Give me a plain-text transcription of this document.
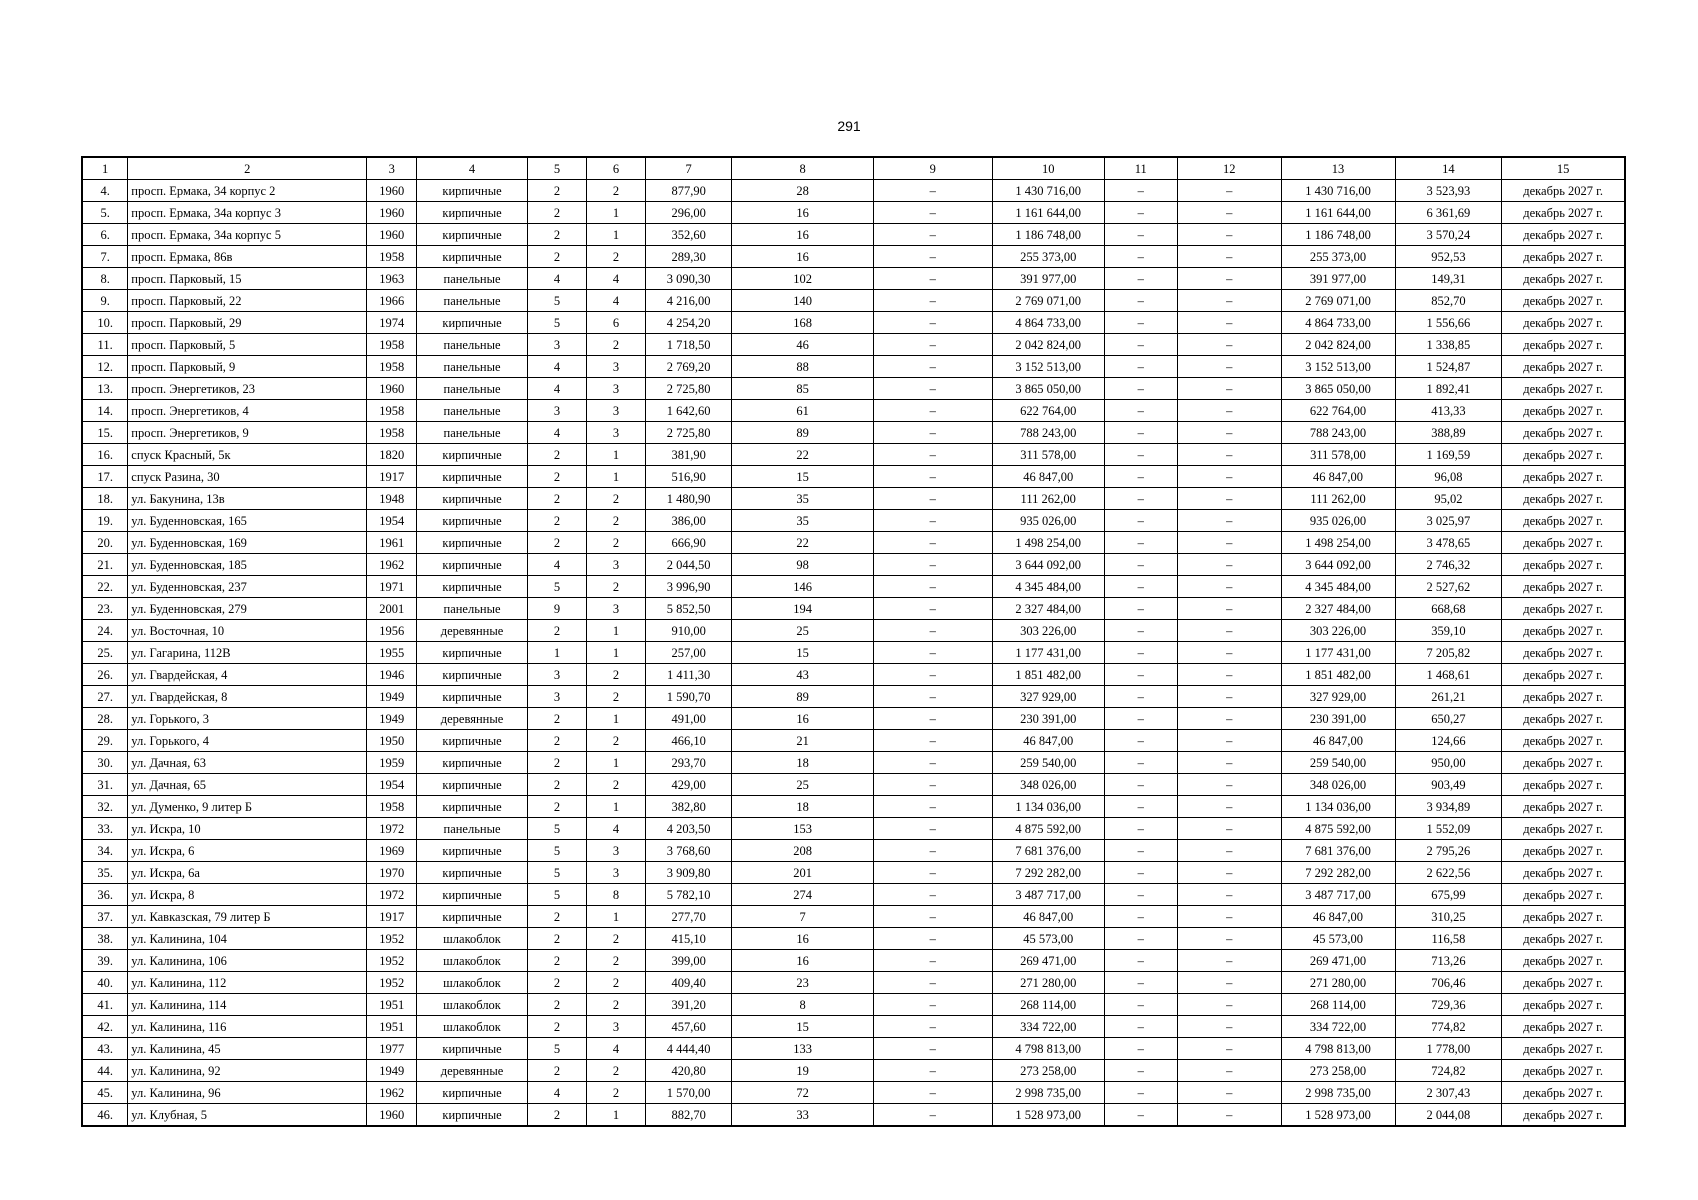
291
1	2	3	4	5	6	7	8	9	10	11	12	13	14	15
4.	просп. Ермака, 34 корпус 2	1960	кирпичные	2	2	877,90	28	–	1 430 716,00	–	–	1 430 716,00	3 523,93	декабрь 2027 г.
5.	просп. Ермака, 34а корпус 3	1960	кирпичные	2	1	296,00	16	–	1 161 644,00	–	–	1 161 644,00	6 361,69	декабрь 2027 г.
6.	просп. Ермака, 34а корпус 5	1960	кирпичные	2	1	352,60	16	–	1 186 748,00	–	–	1 186 748,00	3 570,24	декабрь 2027 г.
7.	просп. Ермака, 86в	1958	кирпичные	2	2	289,30	16	–	255 373,00	–	–	255 373,00	952,53	декабрь 2027 г.
8.	просп. Парковый, 15	1963	панельные	4	4	3 090,30	102	–	391 977,00	–	–	391 977,00	149,31	декабрь 2027 г.
9.	просп. Парковый, 22	1966	панельные	5	4	4 216,00	140	–	2 769 071,00	–	–	2 769 071,00	852,70	декабрь 2027 г.
10.	просп. Парковый, 29	1974	кирпичные	5	6	4 254,20	168	–	4 864 733,00	–	–	4 864 733,00	1 556,66	декабрь 2027 г.
11.	просп. Парковый, 5	1958	панельные	3	2	1 718,50	46	–	2 042 824,00	–	–	2 042 824,00	1 338,85	декабрь 2027 г.
12.	просп. Парковый, 9	1958	панельные	4	3	2 769,20	88	–	3 152 513,00	–	–	3 152 513,00	1 524,87	декабрь 2027 г.
13.	просп. Энергетиков, 23	1960	панельные	4	3	2 725,80	85	–	3 865 050,00	–	–	3 865 050,00	1 892,41	декабрь 2027 г.
14.	просп. Энергетиков, 4	1958	панельные	3	3	1 642,60	61	–	622 764,00	–	–	622 764,00	413,33	декабрь 2027 г.
15.	просп. Энергетиков, 9	1958	панельные	4	3	2 725,80	89	–	788 243,00	–	–	788 243,00	388,89	декабрь 2027 г.
16.	спуск Красный, 5к	1820	кирпичные	2	1	381,90	22	–	311 578,00	–	–	311 578,00	1 169,59	декабрь 2027 г.
17.	спуск Разина, 30	1917	кирпичные	2	1	516,90	15	–	46 847,00	–	–	46 847,00	96,08	декабрь 2027 г.
18.	ул. Бакунина, 13в	1948	кирпичные	2	2	1 480,90	35	–	111 262,00	–	–	111 262,00	95,02	декабрь 2027 г.
19.	ул. Буденновская, 165	1954	кирпичные	2	2	386,00	35	–	935 026,00	–	–	935 026,00	3 025,97	декабрь 2027 г.
20.	ул. Буденновская, 169	1961	кирпичные	2	2	666,90	22	–	1 498 254,00	–	–	1 498 254,00	3 478,65	декабрь 2027 г.
21.	ул. Буденновская, 185	1962	кирпичные	4	3	2 044,50	98	–	3 644 092,00	–	–	3 644 092,00	2 746,32	декабрь 2027 г.
22.	ул. Буденновская, 237	1971	кирпичные	5	2	3 996,90	146	–	4 345 484,00	–	–	4 345 484,00	2 527,62	декабрь 2027 г.
23.	ул. Буденновская, 279	2001	панельные	9	3	5 852,50	194	–	2 327 484,00	–	–	2 327 484,00	668,68	декабрь 2027 г.
24.	ул. Восточная, 10	1956	деревянные	2	1	910,00	25	–	303 226,00	–	–	303 226,00	359,10	декабрь 2027 г.
25.	ул. Гагарина, 112В	1955	кирпичные	1	1	257,00	15	–	1 177 431,00	–	–	1 177 431,00	7 205,82	декабрь 2027 г.
26.	ул. Гвардейская, 4	1946	кирпичные	3	2	1 411,30	43	–	1 851 482,00	–	–	1 851 482,00	1 468,61	декабрь 2027 г.
27.	ул. Гвардейская, 8	1949	кирпичные	3	2	1 590,70	89	–	327 929,00	–	–	327 929,00	261,21	декабрь 2027 г.
28.	ул. Горького, 3	1949	деревянные	2	1	491,00	16	–	230 391,00	–	–	230 391,00	650,27	декабрь 2027 г.
29.	ул. Горького, 4	1950	кирпичные	2	2	466,10	21	–	46 847,00	–	–	46 847,00	124,66	декабрь 2027 г.
30.	ул. Дачная, 63	1959	кирпичные	2	1	293,70	18	–	259 540,00	–	–	259 540,00	950,00	декабрь 2027 г.
31.	ул. Дачная, 65	1954	кирпичные	2	2	429,00	25	–	348 026,00	–	–	348 026,00	903,49	декабрь 2027 г.
32.	ул. Думенко, 9 литер Б	1958	кирпичные	2	1	382,80	18	–	1 134 036,00	–	–	1 134 036,00	3 934,89	декабрь 2027 г.
33.	ул. Искра, 10	1972	панельные	5	4	4 203,50	153	–	4 875 592,00	–	–	4 875 592,00	1 552,09	декабрь 2027 г.
34.	ул. Искра, 6	1969	кирпичные	5	3	3 768,60	208	–	7 681 376,00	–	–	7 681 376,00	2 795,26	декабрь 2027 г.
35.	ул. Искра, 6а	1970	кирпичные	5	3	3 909,80	201	–	7 292 282,00	–	–	7 292 282,00	2 622,56	декабрь 2027 г.
36.	ул. Искра, 8	1972	кирпичные	5	8	5 782,10	274	–	3 487 717,00	–	–	3 487 717,00	675,99	декабрь 2027 г.
37.	ул. Кавказская, 79 литер Б	1917	кирпичные	2	1	277,70	7	–	46 847,00	–	–	46 847,00	310,25	декабрь 2027 г.
38.	ул. Калинина, 104	1952	шлакоблок	2	2	415,10	16	–	45 573,00	–	–	45 573,00	116,58	декабрь 2027 г.
39.	ул. Калинина, 106	1952	шлакоблок	2	2	399,00	16	–	269 471,00	–	–	269 471,00	713,26	декабрь 2027 г.
40.	ул. Калинина, 112	1952	шлакоблок	2	2	409,40	23	–	271 280,00	–	–	271 280,00	706,46	декабрь 2027 г.
41.	ул. Калинина, 114	1951	шлакоблок	2	2	391,20	8	–	268 114,00	–	–	268 114,00	729,36	декабрь 2027 г.
42.	ул. Калинина, 116	1951	шлакоблок	2	3	457,60	15	–	334 722,00	–	–	334 722,00	774,82	декабрь 2027 г.
43.	ул. Калинина, 45	1977	кирпичные	5	4	4 444,40	133	–	4 798 813,00	–	–	4 798 813,00	1 778,00	декабрь 2027 г.
44.	ул. Калинина, 92	1949	деревянные	2	2	420,80	19	–	273 258,00	–	–	273 258,00	724,82	декабрь 2027 г.
45.	ул. Калинина, 96	1962	кирпичные	4	2	1 570,00	72	–	2 998 735,00	–	–	2 998 735,00	2 307,43	декабрь 2027 г.
46.	ул. Клубная, 5	1960	кирпичные	2	1	882,70	33	–	1 528 973,00	–	–	1 528 973,00	2 044,08	декабрь 2027 г.
